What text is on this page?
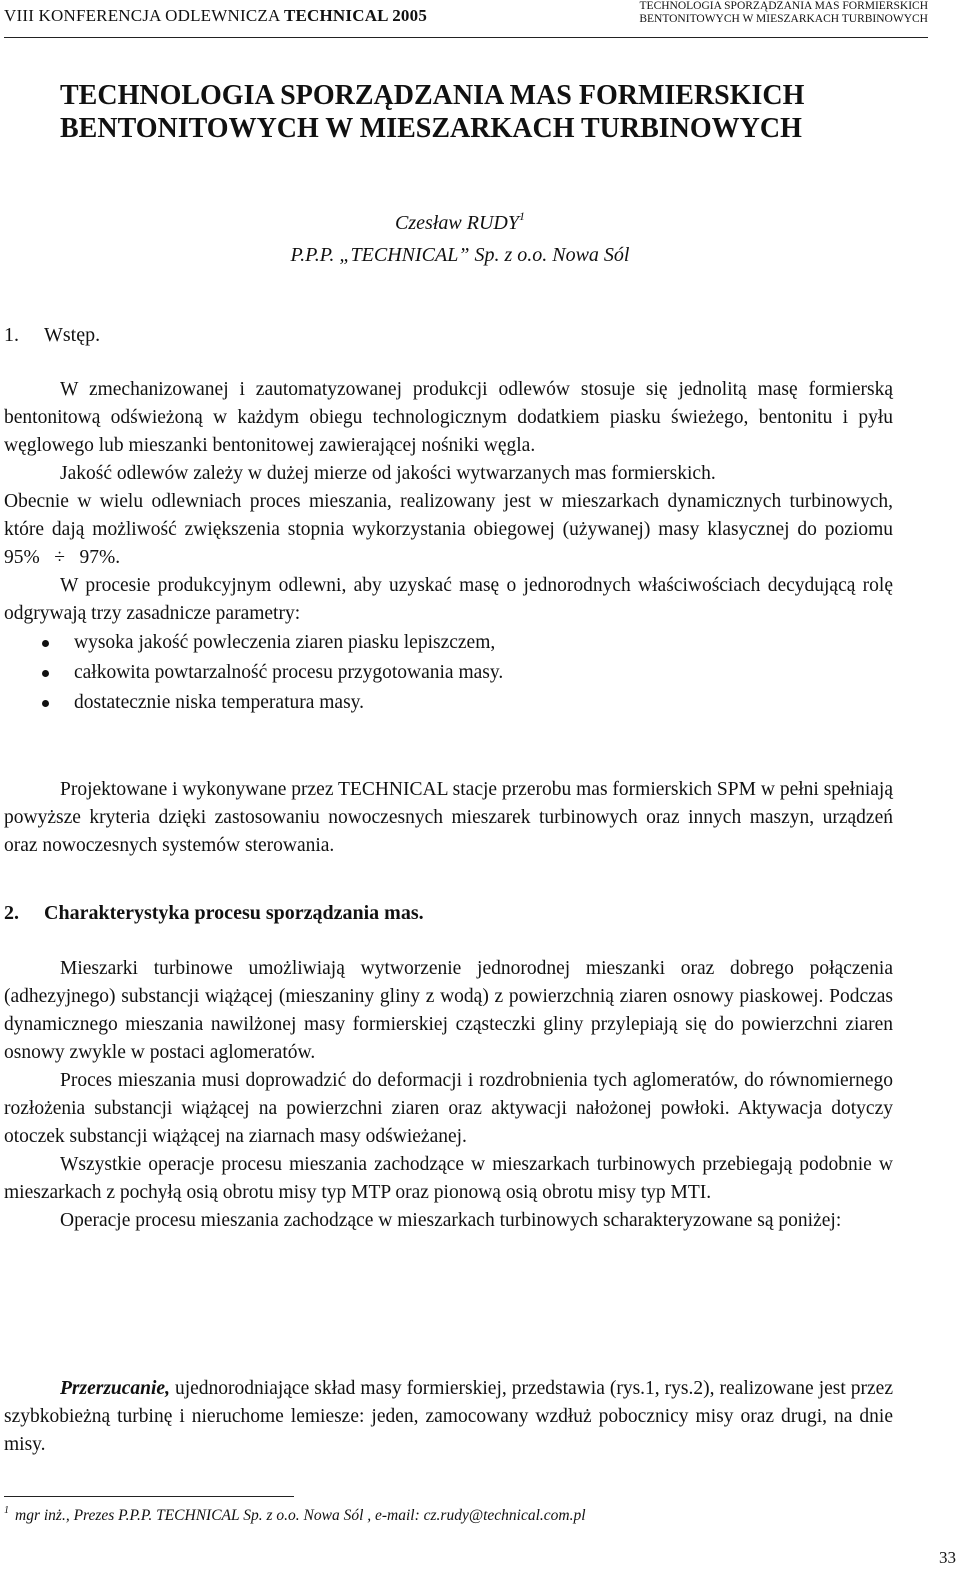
VIII KONFERENCJA ODLEWNICZA TECHNICAL 2005	TECHNOLOGIA SPORZĄDZANIA MAS FORMIERSKICH
BENTONITOWYCH W MIESZARKACH TURBINOWYCH
TECHNOLOGIA SPORZĄDZANIA MAS FORMIERSKICH
BENTONITOWYCH W MIESZARKACH TURBINOWYCH
Czesław RUDY$^1$
P.P.P. „TECHNICAL” Sp. z o.o. Nowa Sól
1. Wstęp.

W zmechanizowanej i zautomatyzowanej produkcji odlewów stosuje się jednolitą masę formierską bentonitową odświeżoną w każdym obiegu technologicznym dodatkiem piasku świeżego, bentonitu i pyłu węglowego lub mieszanki bentonitowej zawierającej nośniki węgla.

Jakość odlewów zależy w dużej mierze od jakości wytwarzanych mas formierskich.

Obecnie w wielu odlewniach proces mieszania, realizowany jest w mieszarkach dynamicznych turbinowych, które dają możliwość zwiększenia stopnia wykorzystania obiegowej (używanej) masy klasycznej do poziomu 95% ÷ 97%.

W procesie produkcyjnym odlewni, aby uzyskać masę o jednorodnych właściwościach decydującą rolę odgrywają trzy zasadnicze parametry:

wysoka jakość powleczenia ziaren piasku lepiszczem,
całkowita powtarzalność procesu przygotowania masy.
dostatecznie niska temperatura masy.

Projektowane i wykonywane przez TECHNICAL stacje przerobu mas formierskich SPM w pełni spełniają powyższe kryteria dzięki zastosowaniu nowoczesnych mieszarek turbinowych oraz innych maszyn, urządzeń oraz nowoczesnych systemów sterowania.

2. Charakterystyka procesu sporządzania mas.

Mieszarki turbinowe umożliwiają wytworzenie jednorodnej mieszanki oraz dobrego połączenia (adhezyjnego) substancji wiążącej (mieszaniny gliny z wodą) z powierzchnią ziaren osnowy piaskowej. Podczas dynamicznego mieszania nawilżonej masy formierskiej cząsteczki gliny przylepiają się do powierzchni ziaren osnowy zwykle w postaci aglomeratów.

Proces mieszania musi doprowadzić do deformacji i rozdrobnienia tych aglomeratów, do równomiernego rozłożenia substancji wiążącej na powierzchni ziaren oraz aktywacji nałożonej powłoki. Aktywacja dotyczy otoczek substancji wiążącej na ziarnach masy odświeżanej.

Wszystkie operacje procesu mieszania zachodzące w mieszarkach turbinowych przebiegają podobnie w mieszarkach z pochyłą osią obrotu misy typ MTP oraz pionową osią obrotu misy typ MTI.

Operacje procesu mieszania zachodzące w mieszarkach turbinowych scharakteryzowane są poniżej:

Przerzucanie, ujednorodniające skład masy formierskiej, przedstawia (rys.1, rys.2), realizowane jest przez szybkobieżną turbinę i nieruchome lemiesze: jeden, zamocowany wzdłuż pobocznicy misy oraz drugi, na dnie misy.

$^1$ mgr inż., Prezes P.P.P. TECHNICAL Sp. z o.o. Nowa Sól , e-mail: cz.rudy@technical.com.pl
33
